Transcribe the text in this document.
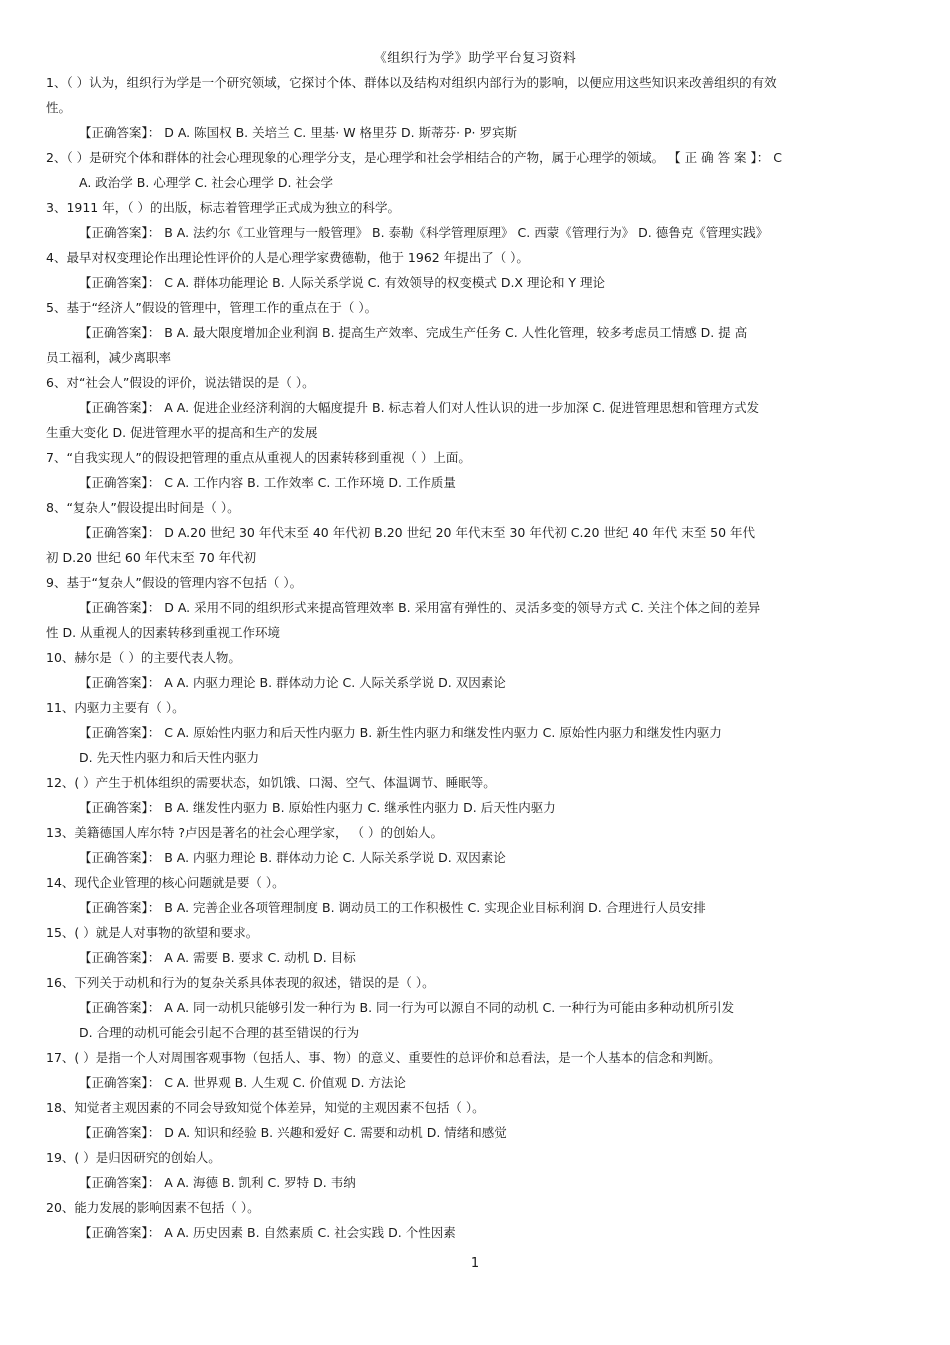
《组织行为学》助学平台复习资料
1、（ ）认为，组织行为学是一个研究领域，它探讨个体、群体以及结构对组织内部行为的影响，以便应用这些知识来改善组织的有效
性。
【正确答案】： D A. 陈国权 B. 关培兰 C. 里基· W 格里芬 D. 斯蒂芬· P· 罗宾斯
2、（ ）是研究个体和群体的社会心理现象的心理学分支，是心理学和社会学相结合的产物，属于心理学的领域。 【 正 确 答 案 】： C
A. 政治学 B. 心理学 C. 社会心理学 D. 社会学
3、1911 年，（ ）的出版，标志着管理学正式成为独立的科学。
【正确答案】： B A. 法约尔《工业管理与一般管理》 B. 泰勒《科学管理原理》 C. 西蒙《管理行为》 D. 德鲁克《管理实践》
4、最早对权变理论作出理论性评价的人是心理学家费德勒，他于 1962 年提出了（ ）。
【正确答案】： C A. 群体功能理论 B. 人际关系学说 C. 有效领导的权变模式 D.X 理论和 Y 理论
5、基于“经济人”假设的管理中，管理工作的重点在于（ ）。
【正确答案】： B A. 最大限度增加企业利润 B. 提高生产效率、完成生产任务 C. 人性化管理，较多考虑员工情感 D. 提 高
员工福利，减少离职率
6、对“社会人”假设的评价，说法错误的是（ ）。
【正确答案】： A A. 促进企业经济利润的大幅度提升 B. 标志着人们对人性认识的进一步加深 C. 促进管理思想和管理方式发
生重大变化 D. 促进管理水平的提高和生产的发展
7、“自我实现人”的假设把管理的重点从重视人的因素转移到重视（ ）上面。
【正确答案】： C A. 工作内容 B. 工作效率 C. 工作环境 D. 工作质量
8、“复杂人”假设提出时间是（ ）。
【正确答案】： D A.20 世纪 30 年代末至 40 年代初 B.20 世纪 20 年代末至 30 年代初 C.20 世纪 40 年代 末至 50 年代
初 D.20 世纪 60 年代末至 70 年代初
9、基于“复杂人”假设的管理内容不包括（ ）。
【正确答案】： D A. 采用不同的组织形式来提高管理效率 B. 采用富有弹性的、灵活多变的领导方式 C. 关注个体之间的差异
性 D. 从重视人的因素转移到重视工作环境
10、赫尔是（ ）的主要代表人物。
【正确答案】： A A. 内驱力理论 B. 群体动力论 C. 人际关系学说 D. 双因素论
11、内驱力主要有（ ）。
【正确答案】： C A. 原始性内驱力和后天性内驱力 B. 新生性内驱力和继发性内驱力 C. 原始性内驱力和继发性内驱力
D. 先天性内驱力和后天性内驱力
12、( ）产生于机体组织的需要状态，如饥饿、口渴、空气、体温调节、睡眠等。
【正确答案】： B A. 继发性内驱力 B. 原始性内驱力 C. 继承性内驱力 D. 后天性内驱力
13、美籍德国人库尔特 ?卢因是著名的社会心理学家， （ ）的创始人。
【正确答案】： B A. 内驱力理论 B. 群体动力论 C. 人际关系学说 D. 双因素论
14、现代企业管理的核心问题就是要（ ）。
【正确答案】： B A. 完善企业各项管理制度 B. 调动员工的工作积极性 C. 实现企业目标利润 D. 合理进行人员安排
15、( ）就是人对事物的欲望和要求。
【正确答案】： A A. 需要 B. 要求 C. 动机 D. 目标
16、下列关于动机和行为的复杂关系具体表现的叙述，错误的是（ ）。
【正确答案】： A A. 同一动机只能够引发一种行为 B. 同一行为可以源自不同的动机 C. 一种行为可能由多种动机所引发
D. 合理的动机可能会引起不合理的甚至错误的行为
17、( ）是指一个人对周围客观事物（包括人、事、物）的意义、重要性的总评价和总看法，是一个人基本的信念和判断。
【正确答案】： C A. 世界观 B. 人生观 C. 价值观 D. 方法论
18、知觉者主观因素的不同会导致知觉个体差异，知觉的主观因素不包括（ ）。
【正确答案】： D A. 知识和经验 B. 兴趣和爱好 C. 需要和动机 D. 情绪和感觉
19、( ）是归因研究的创始人。
【正确答案】： A A. 海德 B. 凯利 C. 罗特 D. 韦纳
20、能力发展的影响因素不包括（ ）。
【正确答案】： A A. 历史因素 B. 自然素质 C. 社会实践 D. 个性因素
1
